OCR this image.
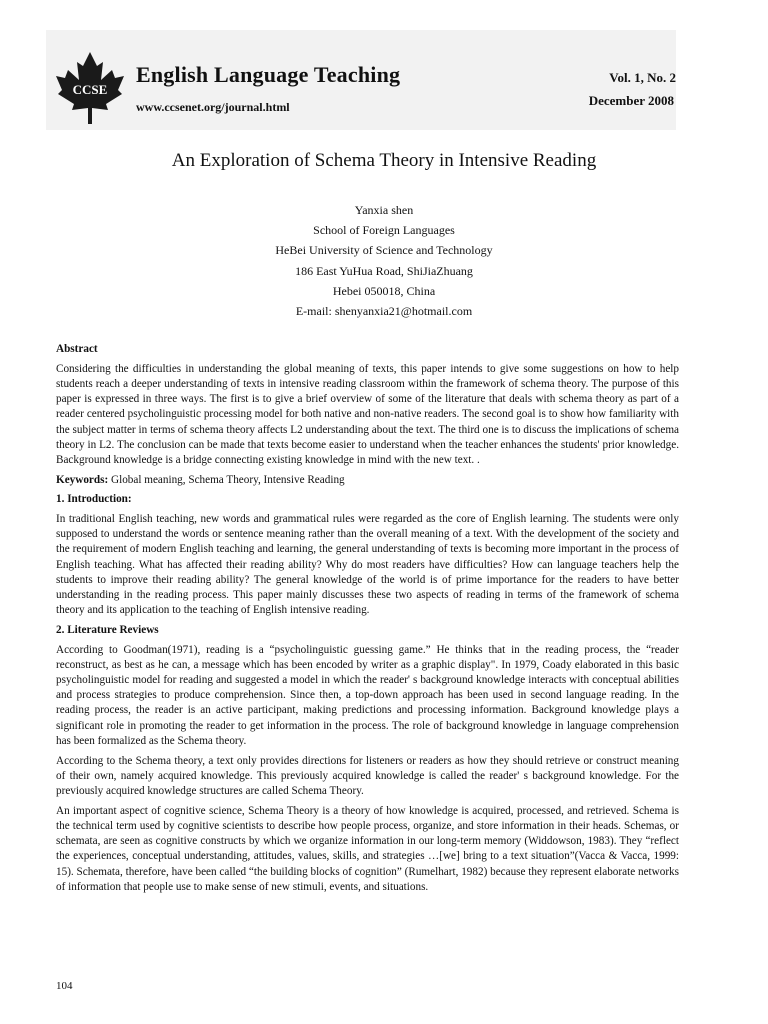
CCSE
English Language Teaching
www.ccsenet.org/journal.html
Vol. 1, No. 2
December 2008
An Exploration of Schema Theory in Intensive Reading
Yanxia shen
School of Foreign Languages
HeBei University of Science and Technology
186 East YuHua Road, ShiJiaZhuang
Hebei 050018, China
E-mail: shenyanxia21@hotmail.com
Abstract

Considering the difficulties in understanding the global meaning of texts, this paper intends to give some suggestions on how to help students reach a deeper understanding of texts in intensive reading classroom within the framework of schema theory. The purpose of this paper is expressed in three ways. The first is to give a brief overview of some of the literature that deals with schema theory as part of a reader centered psycholinguistic processing model for both native and non-native readers. The second goal is to show how familiarity with the subject matter in terms of schema theory affects L2 understanding about the text. The third one is to discuss the implications of schema theory in L2. The conclusion can be made that texts become easier to understand when the teacher enhances the students' prior knowledge. Background knowledge is a bridge connecting existing knowledge in mind with the new text. .

Keywords: Global meaning, Schema Theory, Intensive Reading

1. Introduction:

In traditional English teaching, new words and grammatical rules were regarded as the core of English learning. The students were only supposed to understand the words or sentence meaning rather than the overall meaning of a text. With the development of the society and the requirement of modern English teaching and learning, the general understanding of texts is becoming more important in the process of English teaching. What has affected their reading ability? Why do most readers have difficulties? How can language teachers help the students to improve their reading ability? The general knowledge of the world is of prime importance for the readers to have better understanding in the reading process. This paper mainly discusses these two aspects of reading in terms of the framework of schema theory and its application to the teaching of English intensive reading.

2. Literature Reviews

According to Goodman(1971), reading is a “psycholinguistic guessing game.” He thinks that in the reading process, the “reader reconstruct, as best as he can, a message which has been encoded by writer as a graphic display". In 1979, Coady elaborated in this basic psycholinguistic model for reading and suggested a model in which the reader' s background knowledge interacts with conceptual abilities and process strategies to produce comprehension. Since then, a top-down approach has been used in second language reading. In the reading process, the reader is an active participant, making predictions and processing information. Background knowledge plays a significant role in promoting the reader to get information in the process. The role of background knowledge in language comprehension has been formalized as the Schema theory.

According to the Schema theory, a text only provides directions for listeners or readers as how they should retrieve or construct meaning of their own, namely acquired knowledge. This previously acquired knowledge is called the reader' s background knowledge. For the previously acquired knowledge structures are called Schema Theory.

An important aspect of cognitive science, Schema Theory is a theory of how knowledge is acquired, processed, and retrieved. Schema is the technical term used by cognitive scientists to describe how people process, organize, and store information in their heads. Schemas, or schemata, are seen as cognitive constructs by which we organize information in our long-term memory (Widdowson, 1983). They “reflect the experiences, conceptual understanding, attitudes, values, skills, and strategies …[we] bring to a text situation”(Vacca & Vacca, 1999: 15). Schemata, therefore, have been called “the building blocks of cognition” (Rumelhart, 1982) because they represent elaborate networks of information that people use to make sense of new stimuli, events, and situations.

104
